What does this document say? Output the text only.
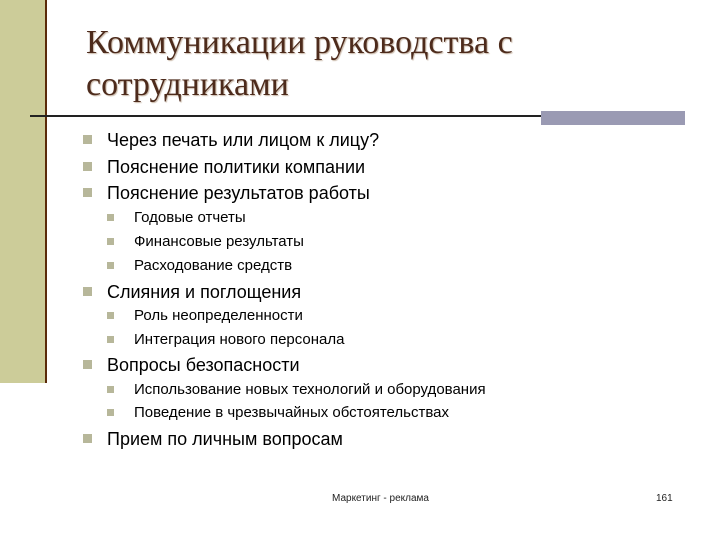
Коммуникации руководства с сотрудниками
Через печать или лицом к лицу?
Пояснение политики компании
Пояснение результатов работы
Годовые отчеты
Финансовые результаты
Расходование средств
Слияния и поглощения
Роль неопределенности
Интеграция нового персонала
Вопросы безопасности
Использование новых технологий и оборудования
Поведение в чрезвычайных обстоятельствах
Прием по личным вопросам
Маркетинг - реклама	161
